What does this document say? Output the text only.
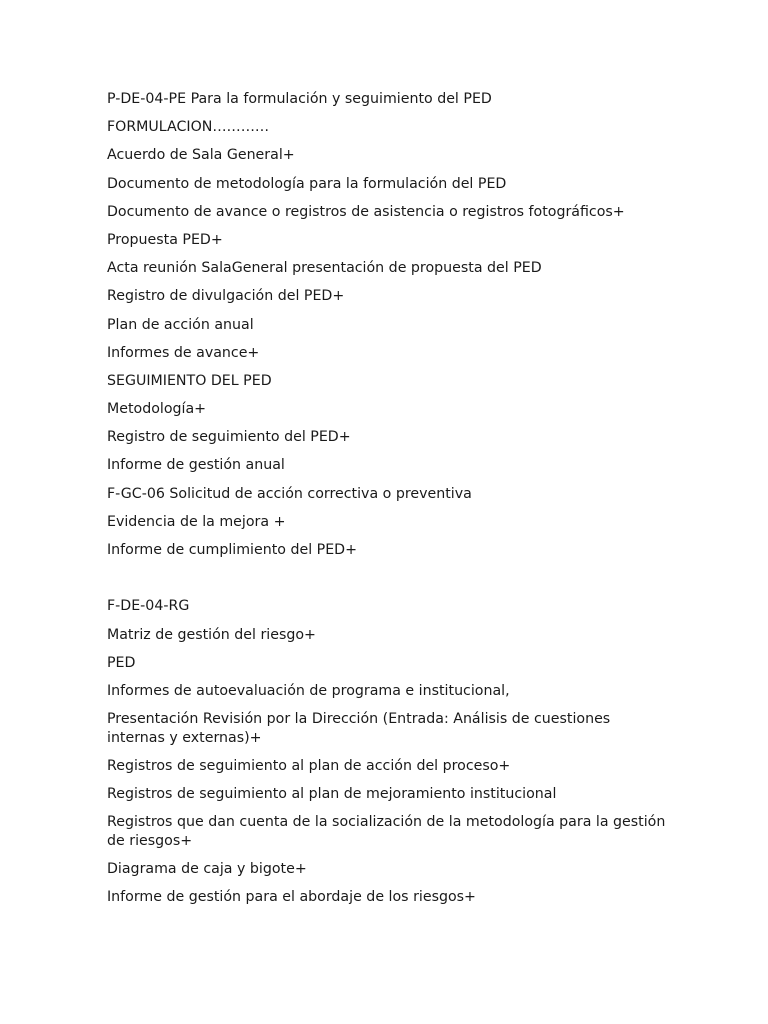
P-DE-04-PE Para la formulación y seguimiento del PED

FORMULACION…………

Acuerdo de Sala General+

Documento de metodología para la formulación del PED

Documento de avance o registros de asistencia o registros fotográficos+

Propuesta PED+

Acta reunión SalaGeneral presentación de propuesta del PED

Registro de divulgación del PED+

Plan de acción anual

Informes de avance+

SEGUIMIENTO DEL PED

Metodología+

Registro de seguimiento del PED+

Informe de gestión anual

F-GC-06 Solicitud de acción correctiva o preventiva

Evidencia de la mejora +

Informe de cumplimiento del PED+

F-DE-04-RG

Matriz de gestión del riesgo+

PED

Informes de autoevaluación de programa e institucional,

Presentación Revisión por la Dirección (Entrada: Análisis de cuestiones internas y externas)+

Registros de seguimiento al plan de acción del proceso+

Registros de seguimiento al plan de mejoramiento institucional

Registros que dan cuenta de la socialización de la metodología para la gestión de riesgos+

Diagrama de caja y bigote+

Informe de gestión para el abordaje de los riesgos+
